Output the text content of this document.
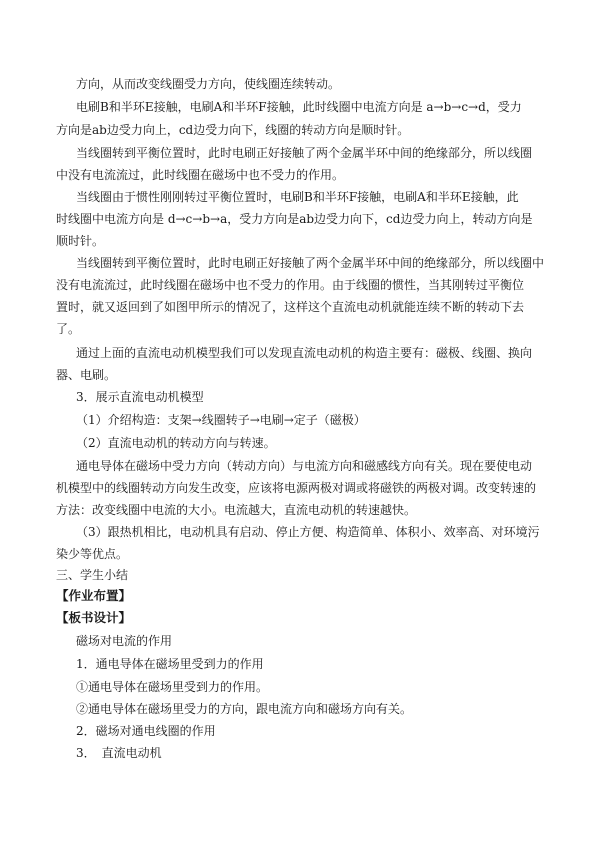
方向，从而改变线圈受力方向，使线圈连续转动。
电刷B和半环E接触，电刷A和半环F接触，此时线圈中电流方向是 a→b→c→d，受力
方向是ab边受力向上，cd边受力向下，线圈的转动方向是顺时针。
当线圈转到平衡位置时，此时电刷正好接触了两个金属半环中间的绝缘部分，所以线圈
中没有电流流过，此时线圈在磁场中也不受力的作用。
当线圈由于惯性刚刚转过平衡位置时，电刷B和半环F接触，电刷A和半环E接触，此
时线圈中电流方向是 d→c→b→a，受力方向是ab边受力向下，cd边受力向上，转动方向是
顺时针。
当线圈转到平衡位置时，此时电刷正好接触了两个金属半环中间的绝缘部分，所以线圈中
没有电流流过，此时线圈在磁场中也不受力的作用。由于线圈的惯性，当其刚转过平衡位
置时，就又返回到了如图甲所示的情况了，这样这个直流电动机就能连续不断的转动下去
了。
通过上面的直流电动机模型我们可以发现直流电动机的构造主要有：磁极、线圈、换向
器、电刷。
3．展示直流电动机模型
（1）介绍构造：支架→线圈转子→电刷→定子（磁极）
（2）直流电动机的转动方向与转速。
通电导体在磁场中受力方向（转动方向）与电流方向和磁感线方向有关。现在要使电动
机模型中的线圈转动方向发生改变，应该将电源两极对调或将磁铁的两极对调。改变转速的
方法：改变线圈中电流的大小。电流越大，直流电动机的转速越快。
（3）跟热机相比，电动机具有启动、停止方便、构造简单、体积小、效率高、对环境污
染少等优点。
三、学生小结
【作业布置】
【板书设计】
磁场对电流的作用
1．通电导体在磁场里受到力的作用
①通电导体在磁场里受到力的作用。
②通电导体在磁场里受力的方向，跟电流方向和磁场方向有关。
2．磁场对通电线圈的作用
3．　直流电动机
